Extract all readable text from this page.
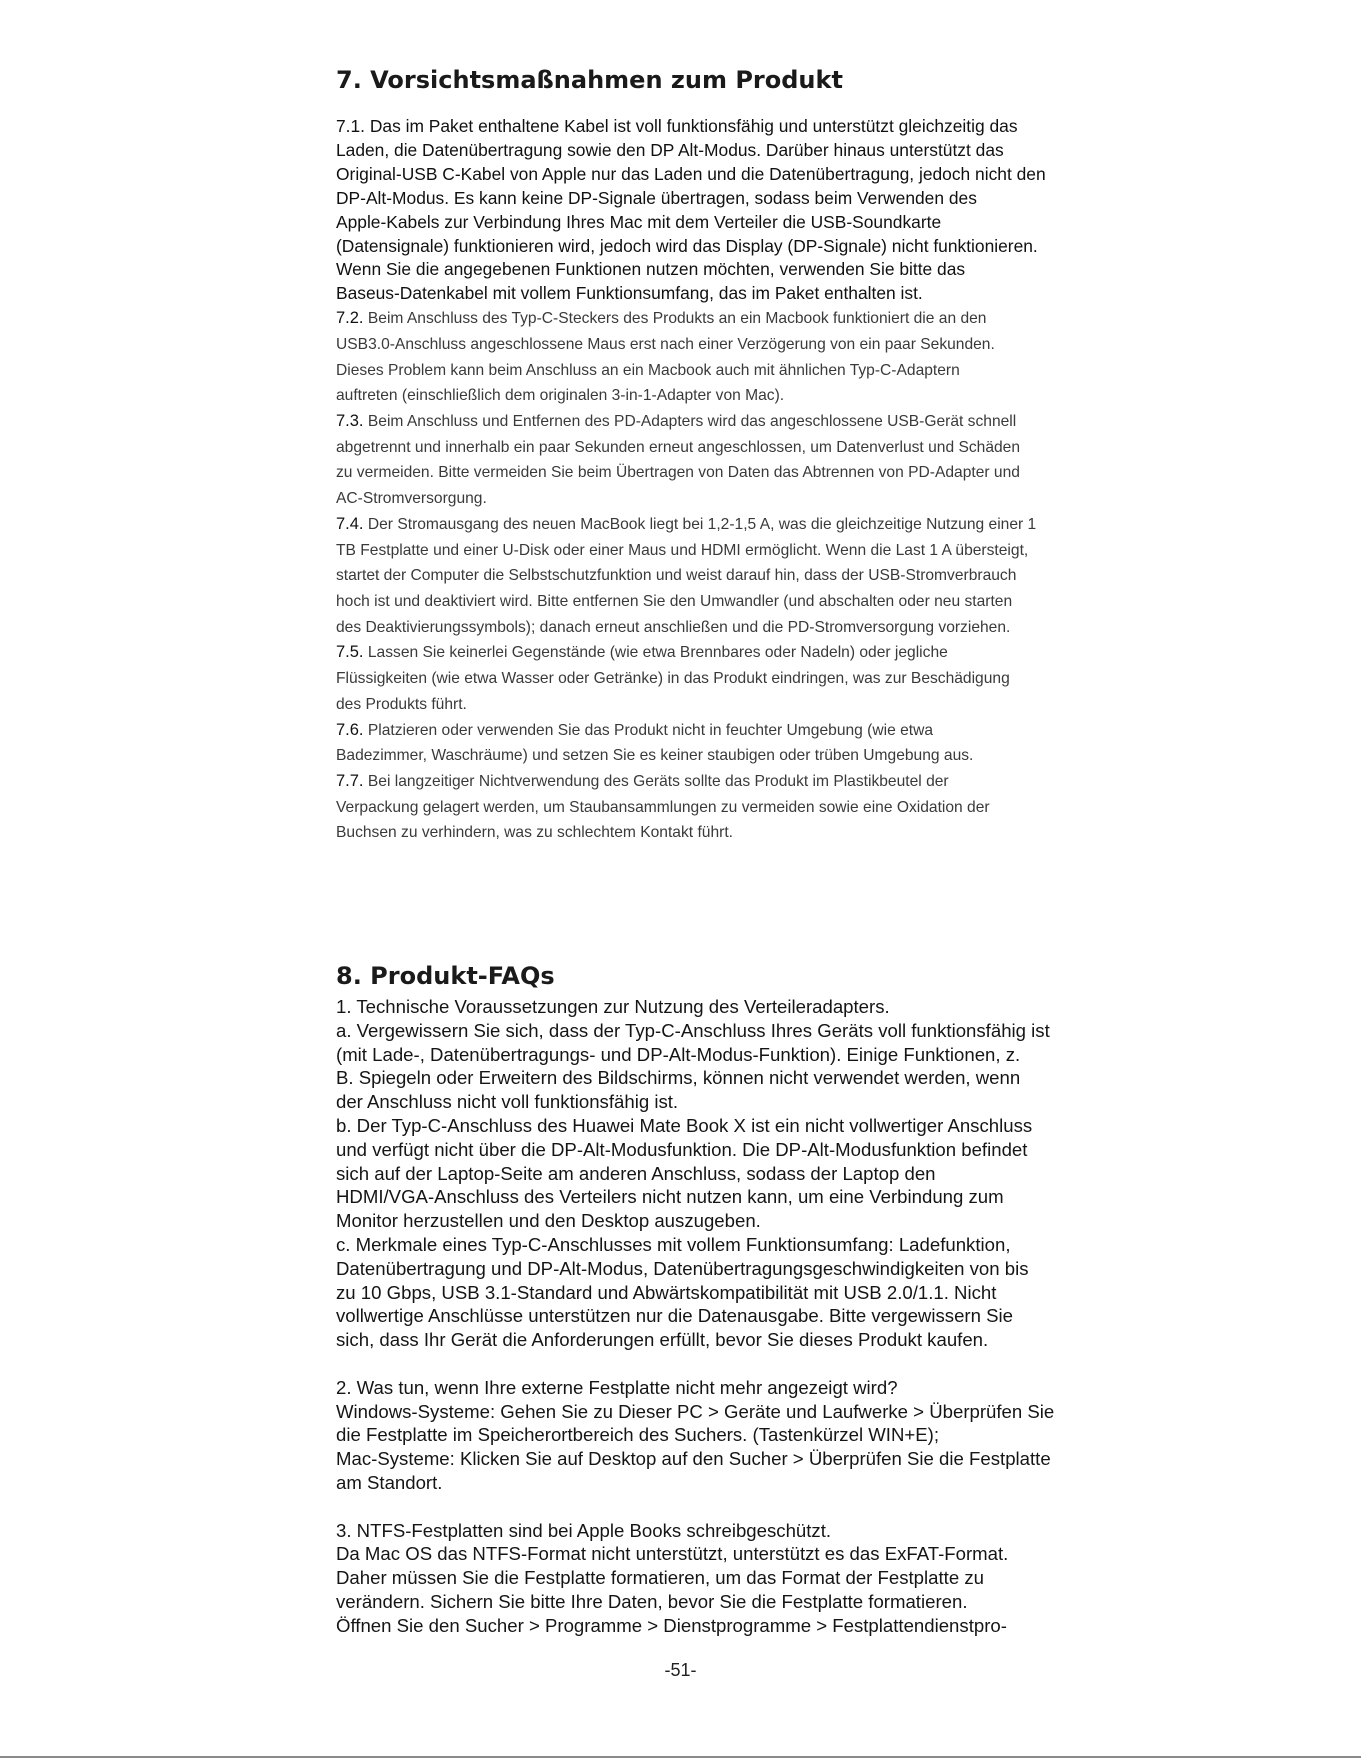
7. Vorsichtsmaßnahmen zum Produkt

7.1. Das im Paket enthaltene Kabel ist voll funktionsfähig und unterstützt gleichzeitig das
Laden, die Datenübertragung sowie den DP Alt-Modus. Darüber hinaus unterstützt das
Original-USB C-Kabel von Apple nur das Laden und die Datenübertragung, jedoch nicht den
DP-Alt-Modus. Es kann keine DP-Signale übertragen, sodass beim Verwenden des
Apple-Kabels zur Verbindung Ihres Mac mit dem Verteiler die USB-Soundkarte
(Datensignale) funktionieren wird, jedoch wird das Display (DP-Signale) nicht funktionieren.
Wenn Sie die angegebenen Funktionen nutzen möchten, verwenden Sie bitte das
Baseus-Datenkabel mit vollem Funktionsumfang, das im Paket enthalten ist.

7.2. Beim Anschluss des Typ-C-Steckers des Produkts an ein Macbook funktioniert die an den
USB3.0-Anschluss angeschlossene Maus erst nach einer Verzögerung von ein paar Sekunden.
Dieses Problem kann beim Anschluss an ein Macbook auch mit ähnlichen Typ-C-Adaptern
auftreten (einschließlich dem originalen 3-in-1-Adapter von Mac).

7.3. Beim Anschluss und Entfernen des PD-Adapters wird das angeschlossene USB-Gerät schnell
abgetrennt und innerhalb ein paar Sekunden erneut angeschlossen, um Datenverlust und Schäden
zu vermeiden. Bitte vermeiden Sie beim Übertragen von Daten das Abtrennen von PD-Adapter und
AC-Stromversorgung.

7.4. Der Stromausgang des neuen MacBook liegt bei 1,2-1,5 A, was die gleichzeitige Nutzung einer 1
TB Festplatte und einer U-Disk oder einer Maus und HDMI ermöglicht. Wenn die Last 1 A übersteigt,
startet der Computer die Selbstschutzfunktion und weist darauf hin, dass der USB-Stromverbrauch
hoch ist und deaktiviert wird. Bitte entfernen Sie den Umwandler (und abschalten oder neu starten
des Deaktivierungssymbols); danach erneut anschließen und die PD-Stromversorgung vorziehen.

7.5. Lassen Sie keinerlei Gegenstände (wie etwa Brennbares oder Nadeln) oder jegliche
Flüssigkeiten (wie etwa Wasser oder Getränke) in das Produkt eindringen, was zur Beschädigung
des Produkts führt.

7.6. Platzieren oder verwenden Sie das Produkt nicht in feuchter Umgebung (wie etwa
Badezimmer, Waschräume) und setzen Sie es keiner staubigen oder trüben Umgebung aus.

7.7. Bei langzeitiger Nichtverwendung des Geräts sollte das Produkt im Plastikbeutel der
Verpackung gelagert werden, um Staubansammlungen zu vermeiden sowie eine Oxidation der
Buchsen zu verhindern, was zu schlechtem Kontakt führt.

8. Produkt-FAQs

1. Technische Voraussetzungen zur Nutzung des Verteileradapters.
a. Vergewissern Sie sich, dass der Typ-C-Anschluss Ihres Geräts voll funktionsfähig ist
(mit Lade-, Datenübertragungs- und DP-Alt-Modus-Funktion). Einige Funktionen, z.
B. Spiegeln oder Erweitern des Bildschirms, können nicht verwendet werden, wenn
der Anschluss nicht voll funktionsfähig ist.
b. Der Typ-C-Anschluss des Huawei Mate Book X ist ein nicht vollwertiger Anschluss
und verfügt nicht über die DP-Alt-Modusfunktion. Die DP-Alt-Modusfunktion befindet
sich auf der Laptop-Seite am anderen Anschluss, sodass der Laptop den
HDMI/VGA-Anschluss des Verteilers nicht nutzen kann, um eine Verbindung zum
Monitor herzustellen und den Desktop auszugeben.
c. Merkmale eines Typ-C-Anschlusses mit vollem Funktionsumfang: Ladefunktion,
Datenübertragung und DP-Alt-Modus, Datenübertragungsgeschwindigkeiten von bis
zu 10 Gbps, USB 3.1-Standard und Abwärtskompatibilität mit USB 2.0/1.1. Nicht
vollwertige Anschlüsse unterstützen nur die Datenausgabe. Bitte vergewissern Sie
sich, dass Ihr Gerät die Anforderungen erfüllt, bevor Sie dieses Produkt kaufen.

2. Was tun, wenn Ihre externe Festplatte nicht mehr angezeigt wird?
Windows-Systeme: Gehen Sie zu Dieser PC > Geräte und Laufwerke > Überprüfen Sie
die Festplatte im Speicherortbereich des Suchers. (Tastenkürzel WIN+E);
Mac-Systeme: Klicken Sie auf Desktop auf den Sucher > Überprüfen Sie die Festplatte
am Standort.

3. NTFS-Festplatten sind bei Apple Books schreibgeschützt.
Da Mac OS das NTFS-Format nicht unterstützt, unterstützt es das ExFAT-Format.
Daher müssen Sie die Festplatte formatieren, um das Format der Festplatte zu
verändern. Sichern Sie bitte Ihre Daten, bevor Sie die Festplatte formatieren.
Öffnen Sie den Sucher > Programme > Dienstprogramme > Festplattendienstpro-

-51-
